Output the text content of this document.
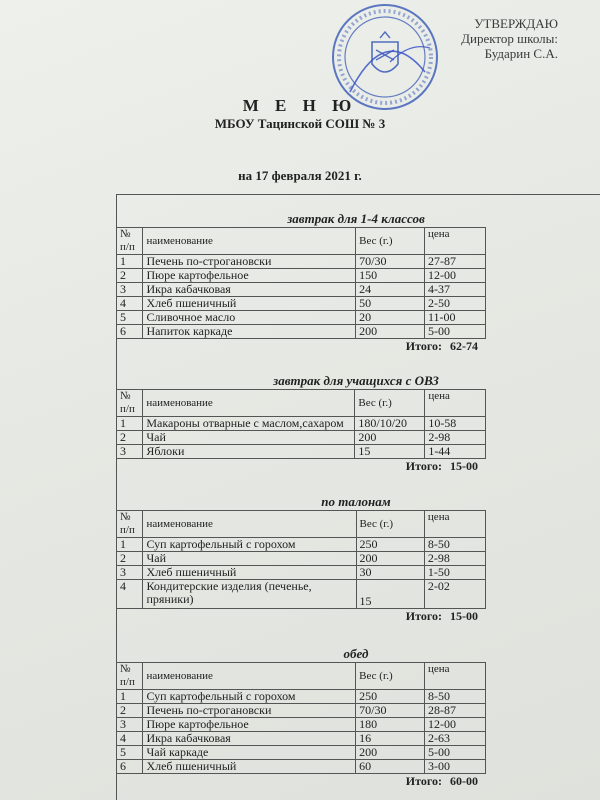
УТВЕРЖДАЮ
Директор школы:
Бударин С.А.
М Е Н Ю
МБОУ Тацинской СОШ № 3
на 17 февраля 2021 г.
завтрак для 1-4 классов
№ п/п	наименование	Вес (г.)	цена
1	Печень по-строгановски	70/30	27-87
2	Пюре картофельное	150	12-00
3	Икра кабачковая	24	4-37
4	Хлеб пшеничный	50	2-50
5	Сливочное масло	20	11-00
6	Напиток каркаде	200	5-00
Итого: 62-74
завтрак для учащихся с ОВЗ
№ п/п	наименование	Вес (г.)	цена
1	Макароны отварные с маслом,сахаром	180/10/20	10-58
2	Чай	200	2-98
3	Яблоки	15	1-44
Итого: 15-00
по талонам
№ п/п	наименование	Вес (г.)	цена
1	Суп картофельный с горохом	250	8-50
2	Чай	200	2-98
3	Хлеб пшеничный	30	1-50
4	Кондитерские изделия (печенье, пряники)	15	2-02
Итого: 15-00
обед
№ п/п	наименование	Вес (г.)	цена
1	Суп картофельный с горохом	250	8-50
2	Печень по-строгановски	70/30	28-87
3	Пюре картофельное	180	12-00
4	Икра кабачковая	16	2-63
5	Чай каркаде	200	5-00
6	Хлеб пшеничный	60	3-00
Итого: 60-00
